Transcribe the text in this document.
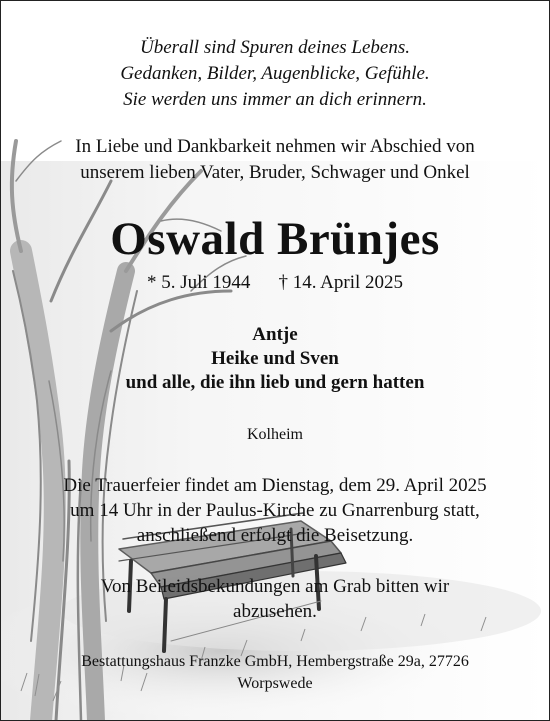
Überall sind Spuren deines Lebens.
Gedanken, Bilder, Augenblicke, Gefühle.
Sie werden uns immer an dich erinnern.
In Liebe und Dankbarkeit nehmen wir Abschied von
unserem lieben Vater, Bruder, Schwager und Onkel
Oswald Brünjes
* 5. Juli 1944 † 14. April 2025
Antje
Heike und Sven
und alle, die ihn lieb und gern hatten
Kolheim
Die Trauerfeier findet am Dienstag, dem 29. April 2025
um 14 Uhr in der Paulus-Kirche zu Gnarrenburg statt,
anschließend erfolgt die Beisetzung.
Von Beileidsbekundungen am Grab bitten wir
abzusehen.
Bestattungshaus Franzke GmbH, Hembergstraße 29a, 27726
Worpswede
